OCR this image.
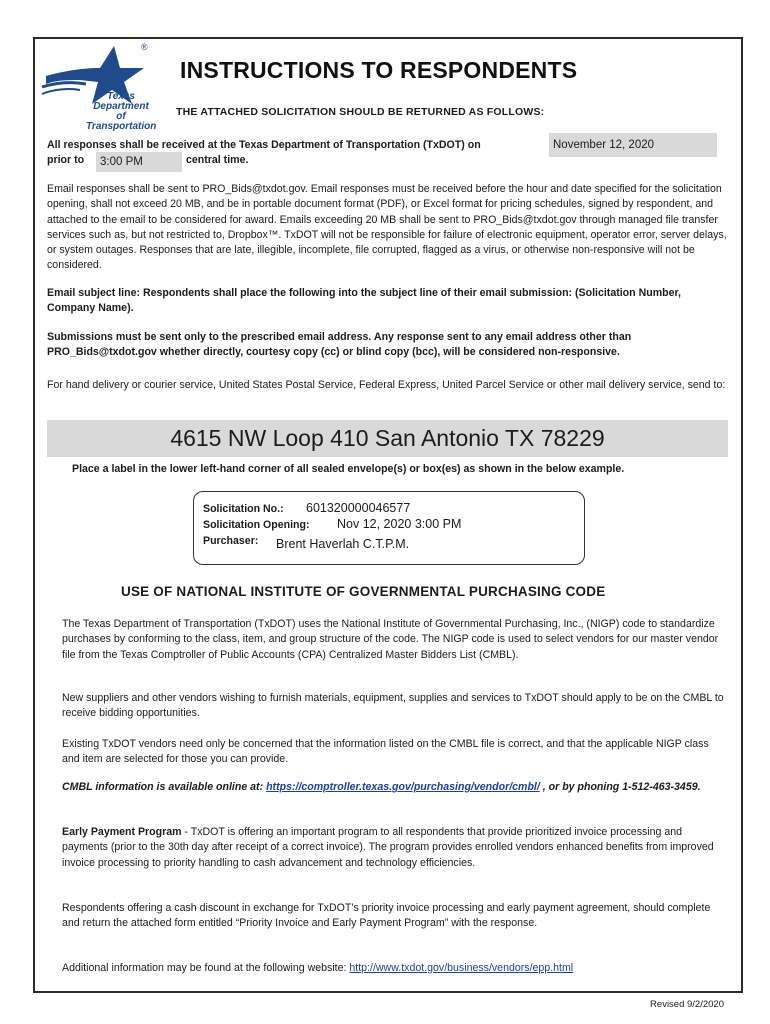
®
Texas
Department
of Transportation
INSTRUCTIONS TO RESPONDENTS
THE ATTACHED SOLICITATION SHOULD BE RETURNED AS FOLLOWS:
All responses shall be received at the Texas Department of Transportation (TxDOT) on	November 12, 2020
prior to	3:00 PM	central time.
Email responses shall be sent to PRO_Bids@txdot.gov. Email responses must be received before the hour and date specified for the solicitation opening, shall not exceed 20 MB, and be in portable document format (PDF), or Excel format for pricing schedules, signed by respondent, and attached to the email to be considered for award. Emails exceeding 20 MB shall be sent to PRO_Bids@txdot.gov through managed file transfer services such as, but not restricted to, Dropbox™. TxDOT will not be responsible for failure of electronic equipment, operator error, server delays, or system outages. Responses that are late, illegible, incomplete, file corrupted, flagged as a virus, or otherwise non-responsive will not be considered.
Email subject line: Respondents shall place the following into the subject line of their email submission: (Solicitation Number, Company Name).
Submissions must be sent only to the prescribed email address. Any response sent to any email address other than PRO_Bids@txdot.gov whether directly, courtesy copy (cc) or blind copy (bcc), will be considered non-responsive.
For hand delivery or courier service, United States Postal Service, Federal Express, United Parcel Service or other mail delivery service, send to:
4615 NW Loop 410 San Antonio TX 78229
Place a label in the lower left-hand corner of all sealed envelope(s) or box(es) as shown in the below example.
Solicitation No.: 601320000046577
Solicitation Opening: Nov 12, 2020 3:00 PM
Purchaser: Brent Haverlah C.T.P.M.
USE OF NATIONAL INSTITUTE OF GOVERNMENTAL PURCHASING CODE
The Texas Department of Transportation (TxDOT) uses the National Institute of Governmental Purchasing, Inc., (NIGP) code to standardize purchases by conforming to the class, item, and group structure of the code. The NIGP code is used to select vendors for our master vendor file from the Texas Comptroller of Public Accounts (CPA) Centralized Master Bidders List (CMBL).
New suppliers and other vendors wishing to furnish materials, equipment, supplies and services to TxDOT should apply to be on the CMBL to receive bidding opportunities.
Existing TxDOT vendors need only be concerned that the information listed on the CMBL file is correct, and that the applicable NIGP class and item are selected for those you can provide.
CMBL information is available online at: https://comptroller.texas.gov/purchasing/vendor/cmbl/ , or by phoning 1-512-463-3459.
Early Payment Program - TxDOT is offering an important program to all respondents that provide prioritized invoice processing and payments (prior to the 30th day after receipt of a correct invoice). The program provides enrolled vendors enhanced benefits from improved invoice processing to priority handling to cash advancement and technology efficiencies.
Respondents offering a cash discount in exchange for TxDOT’s priority invoice processing and early payment agreement, should complete and return the attached form entitled “Priority Invoice and Early Payment Program” with the response.
Additional information may be found at the following website: http://www.txdot.gov/business/vendors/epp.html
Revised 9/2/2020
